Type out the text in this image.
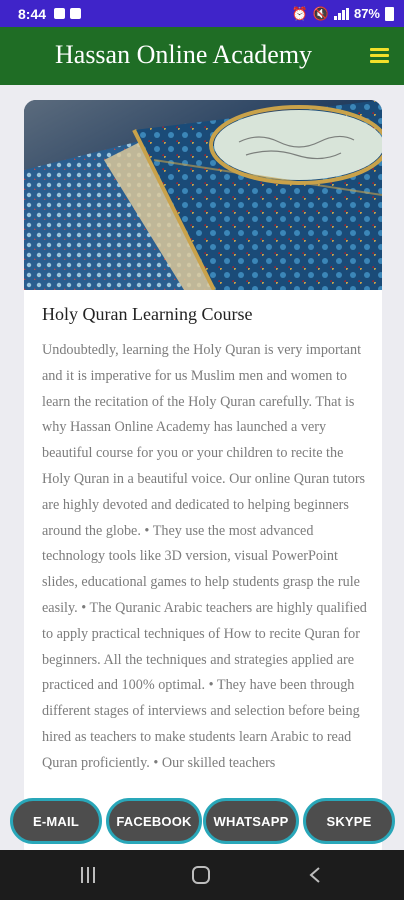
8:44	⏰ 🔇 87%
Hassan Online Academy
Holy Quran Learning Course

Undoubtedly, learning the Holy Quran is very important and it is imperative for us Muslim men and women to learn the recitation of the Holy Quran carefully. That is why Hassan Online Academy has launched a very beautiful course for you or your children to recite the Holy Quran in a beautiful voice. Our online Quran tutors are highly devoted and dedicated to helping beginners around the globe. • They use the most advanced technology tools like 3D version, visual PowerPoint slides, educational games to help students grasp the rule easily. • The Quranic Arabic teachers are highly qualified to apply practical techniques of How to recite Quran for beginners. All the techniques and strategies applied are practiced and 100% optimal. • They have been through different stages of interviews and selection before being hired as teachers to make students learn Arabic to read Quran proficiently. • Our skilled teachers

E-MAIL	FACEBOOK	WHATSAPP	SKYPE
